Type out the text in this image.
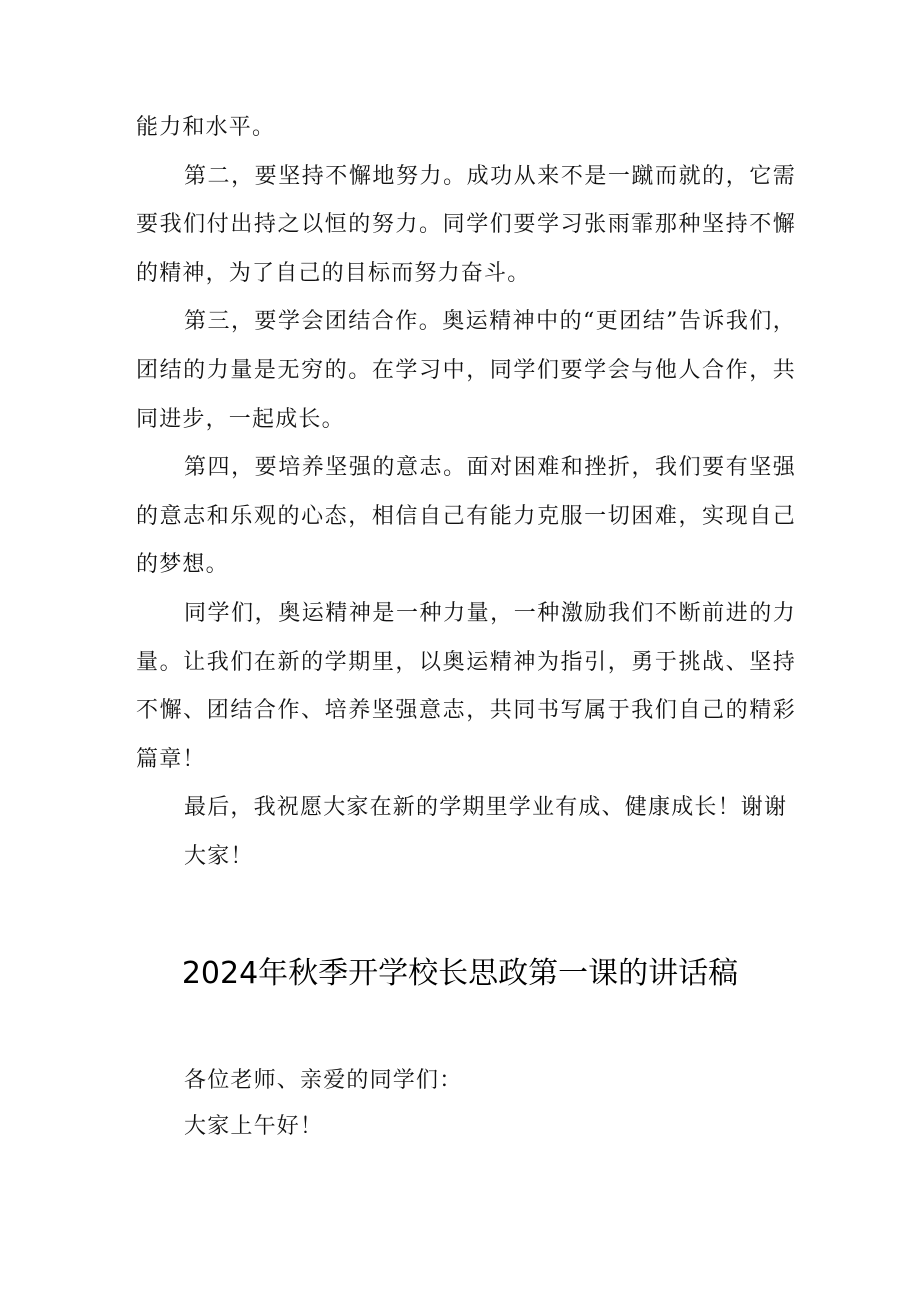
能力和水平。

第二，要坚持不懈地努力。成功从来不是一蹴而就的，它需要我们付出持之以恒的努力。同学们要学习张雨霏那种坚持不懈的精神，为了自己的目标而努力奋斗。

第三，要学会团结合作。奥运精神中的“更团结”告诉我们，团结的力量是无穷的。在学习中，同学们要学会与他人合作，共同进步，一起成长。

第四，要培养坚强的意志。面对困难和挫折，我们要有坚强的意志和乐观的心态，相信自己有能力克服一切困难，实现自己的梦想。

同学们，奥运精神是一种力量，一种激励我们不断前进的力量。让我们在新的学期里，以奥运精神为指引，勇于挑战、坚持不懈、团结合作、培养坚强意志，共同书写属于我们自己的精彩篇章！

最后，我祝愿大家在新的学期里学业有成、健康成长！谢谢

大家！

2024年秋季开学校长思政第一课的讲话稿

各位老师、亲爱的同学们：

大家上午好！
